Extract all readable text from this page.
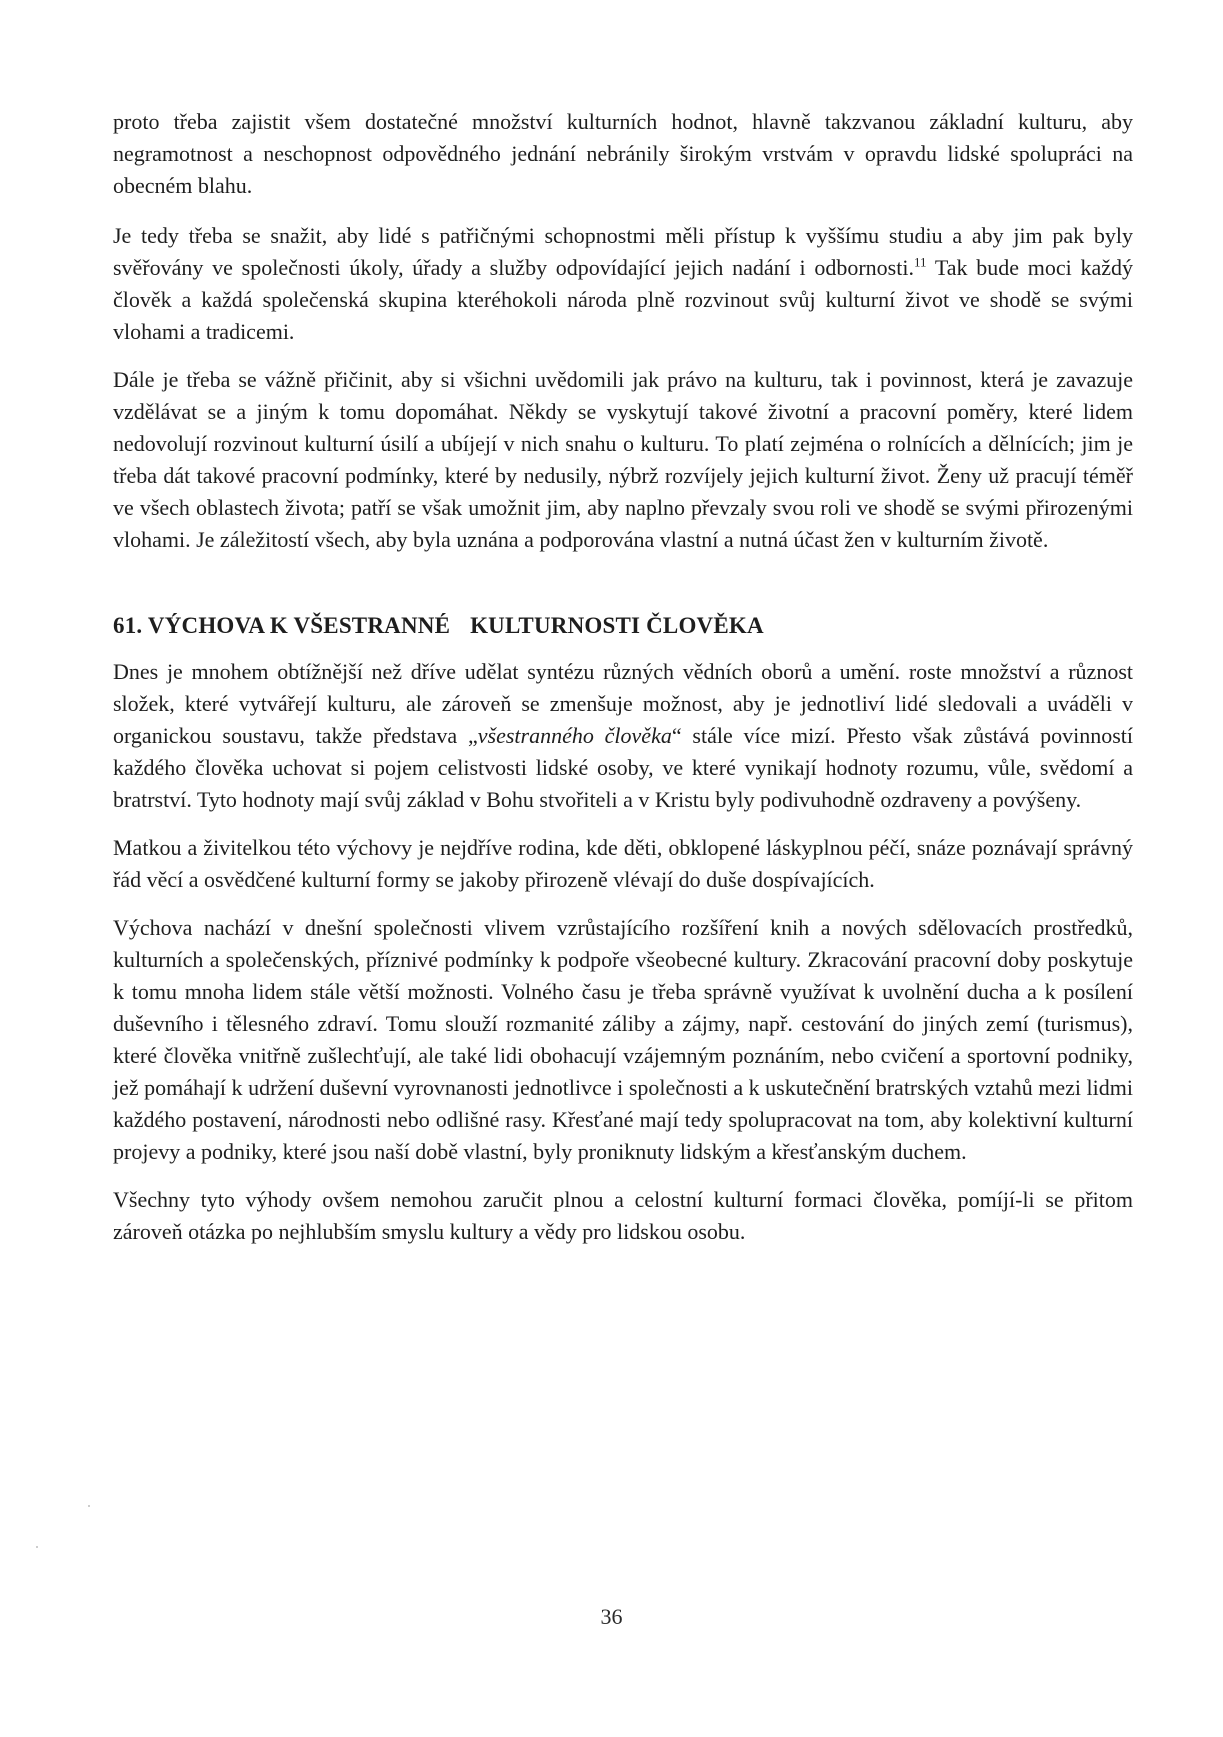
proto třeba zajistit všem dostatečné množství kulturních hodnot, hlavně takzvanou základní kulturu, aby negramotnost a neschopnost odpovědného jednání nebránily širokým vrstvám v opravdu lidské spolupráci na obecném blahu.

Je tedy třeba se snažit, aby lidé s patřičnými schopnostmi měli přístup k vyššímu studiu a aby jim pak byly svěřovány ve společnosti úkoly, úřady a služby odpovídající jejich nadání i odbornosti.$^{11}$ Tak bude moci každý člověk a každá společenská skupina kteréhokoli národa plně rozvinout svůj kulturní život ve shodě se svými vlohami a tradicemi.

Dále je třeba se vážně přičinit, aby si všichni uvědomili jak právo na kulturu, tak i povinnost, která je zavazuje vzdělávat se a jiným k tomu dopomáhat. Někdy se vyskytují takové životní a pracovní poměry, které lidem nedovolují rozvinout kulturní úsilí a ubíjejí v nich snahu o kulturu. To platí zejména o rolnících a dělnících; jim je třeba dát takové pracovní podmínky, které by nedusily, nýbrž rozvíjely jejich kulturní život. Ženy už pracují téměř ve všech oblastech života; patří se však umožnit jim, aby naplno převzaly svou roli ve shodě se svými přirozenými vlohami. Je záležitostí všech, aby byla uznána a podporována vlastní a nutná účast žen v kulturním životě.

61. VÝCHOVA K VŠESTRANNÉ KULTURNOSTI ČLOVĚKA

Dnes je mnohem obtížnější než dříve udělat syntézu různých vědních oborů a umění. roste množství a různost složek, které vytvářejí kulturu, ale zároveň se zmenšuje možnost, aby je jednotliví lidé sledovali a uváděli v organickou soustavu, takže představa „všestranného člověka“ stále více mizí. Přesto však zůstává povinností každého člověka uchovat si pojem celistvosti lidské osoby, ve které vynikají hodnoty rozumu, vůle, svědomí a bratrství. Tyto hodnoty mají svůj základ v Bohu stvořiteli a v Kristu byly podivuhodně ozdraveny a povýšeny.

Matkou a živitelkou této výchovy je nejdříve rodina, kde děti, obklopené láskyplnou péčí, snáze poznávají správný řád věcí a osvědčené kulturní formy se jakoby přirozeně vlévají do duše dospívajících.

Výchova nachází v dnešní společnosti vlivem vzrůstajícího rozšíření knih a nových sdělovacích prostředků, kulturních a společenských, příznivé podmínky k podpoře všeobecné kultury. Zkracování pracovní doby poskytuje k tomu mnoha lidem stále větší možnosti. Volného času je třeba správně využívat k uvolnění ducha a k posílení duševního i tělesného zdraví. Tomu slouží rozmanité záliby a zájmy, např. cestování do jiných zemí (turismus), které člověka vnitřně zušlechťují, ale také lidi obohacují vzájemným poznáním, nebo cvičení a sportovní podniky, jež pomáhají k udržení duševní vyrovnanosti jednotlivce i společnosti a k uskutečnění bratrských vztahů mezi lidmi každého postavení, národnosti nebo odlišné rasy. Křesťané mají tedy spolupracovat na tom, aby kolektivní kulturní projevy a podniky, které jsou naší době vlastní, byly proniknuty lidským a křesťanským duchem.

Všechny tyto výhody ovšem nemohou zaručit plnou a celostní kulturní formaci člověka, pomíjí-li se přitom zároveň otázka po nejhlubším smyslu kultury a vědy pro lidskou osobu.

36
